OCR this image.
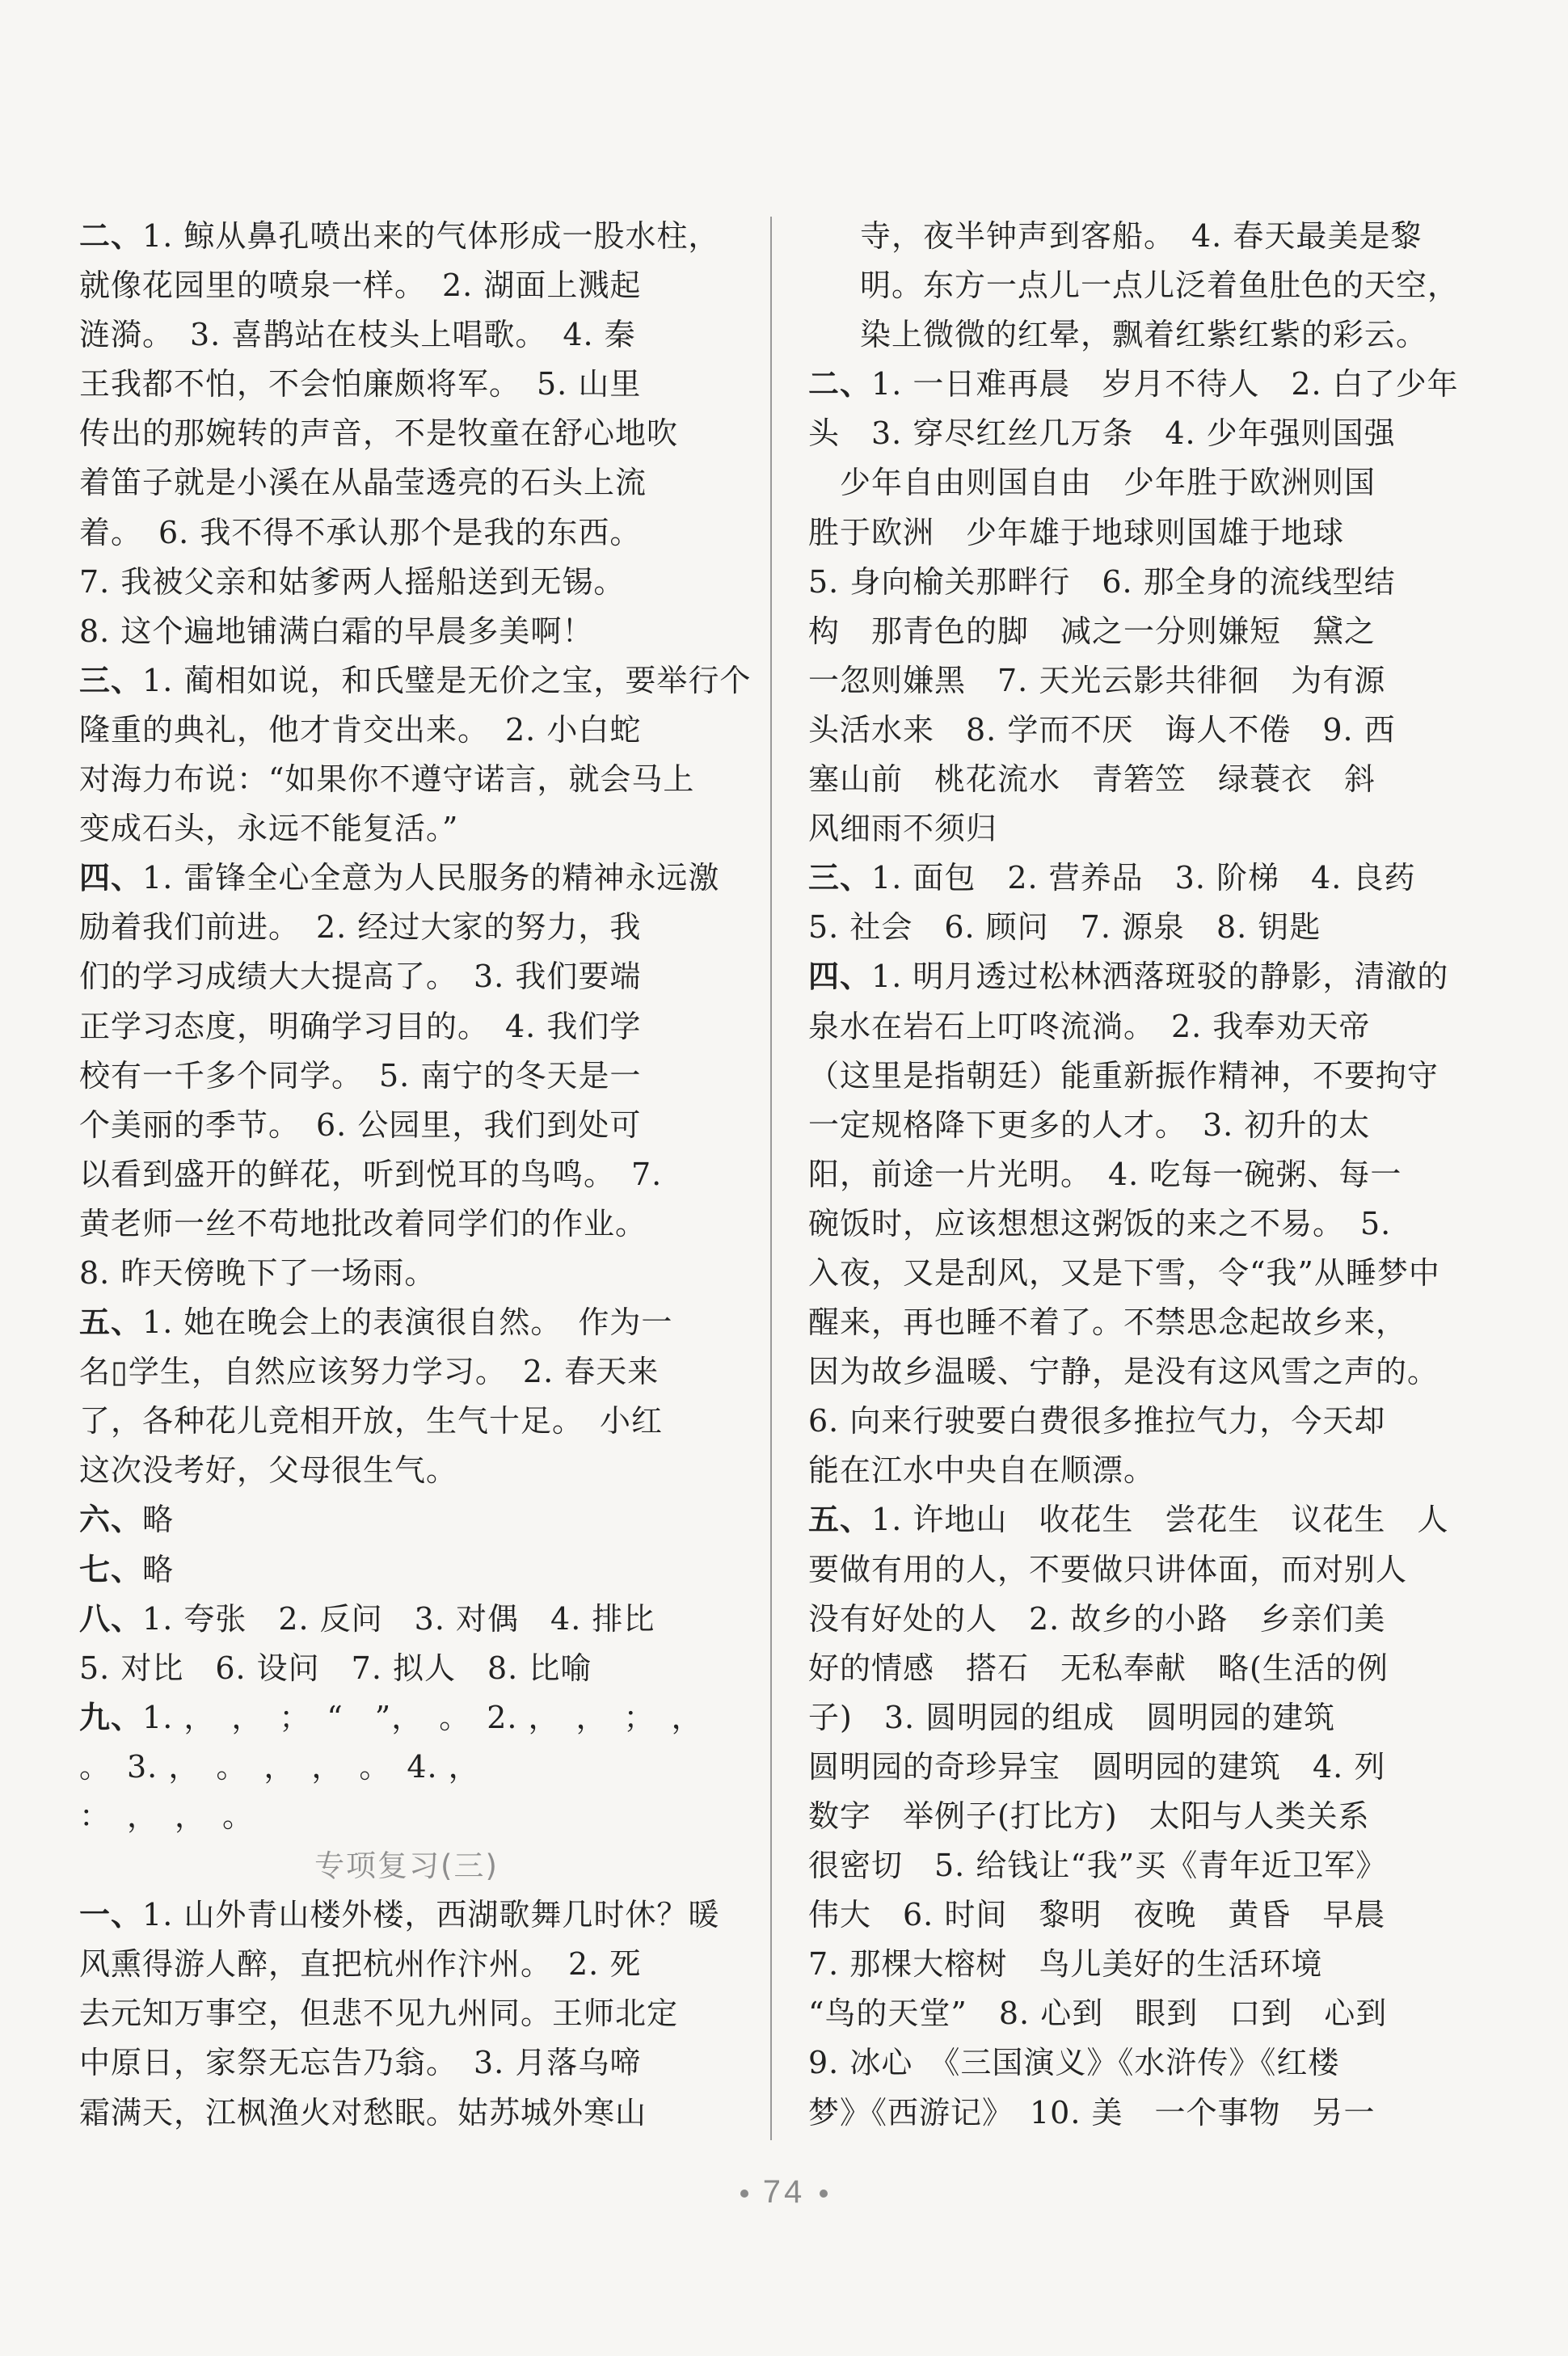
二、1. 鲸从鼻孔喷出来的气体形成一股水柱，
就像花园里的喷泉一样。　2. 湖面上溅起
涟漪。　3. 喜鹊站在枝头上唱歌。　4. 秦
王我都不怕，不会怕廉颇将军。　5. 山里
传出的那婉转的声音，不是牧童在舒心地吹
着笛子就是小溪在从晶莹透亮的石头上流
着。　6. 我不得不承认那个是我的东西。
7. 我被父亲和姑爹两人摇船送到无锡。
8. 这个遍地铺满白霜的早晨多美啊！
三、1. 蔺相如说，和氏璧是无价之宝，要举行个
隆重的典礼，他才肯交出来。　2. 小白蛇
对海力布说：“如果你不遵守诺言，就会马上
变成石头，永远不能复活。”
四、1. 雷锋全心全意为人民服务的精神永远激
励着我们前进。　2. 经过大家的努力，我
们的学习成绩大大提高了。　3. 我们要端
正学习态度，明确学习目的。　4. 我们学
校有一千多个同学。　5. 南宁的冬天是一
个美丽的季节。　6. 公园里，我们到处可
以看到盛开的鲜花，听到悦耳的鸟鸣。　7.
黄老师一丝不苟地批改着同学们的作业。
8. 昨天傍晚下了一场雨。
五、1. 她在晚会上的表演很自然。　作为一
名▯学生，自然应该努力学习。　2. 春天来
了，各种花儿竞相开放，生气十足。　小红
这次没考好，父母很生气。
六、略
七、略
八、1. 夸张　2. 反问　3. 对偶　4. 排比
5. 对比　6. 设问　7. 拟人　8. 比喻
九、1. ，　，　；　“　”，　。　2. ，　，　；　，
。　3. ，　。　，　，　。　4. ，
：　，　，　。
专项复习(三)
一、1. 山外青山楼外楼，西湖歌舞几时休？暖
风熏得游人醉，直把杭州作汴州。　2. 死
去元知万事空，但悲不见九州同。王师北定
中原日，家祭无忘告乃翁。　3. 月落乌啼
霜满天，江枫渔火对愁眠。姑苏城外寒山
寺，夜半钟声到客船。　4. 春天最美是黎
明。东方一点儿一点儿泛着鱼肚色的天空，
染上微微的红晕，飘着红紫红紫的彩云。
二、1. 一日难再晨　岁月不待人　2. 白了少年
头　3. 穿尽红丝几万条　4. 少年强则国强
　少年自由则国自由　少年胜于欧洲则国
胜于欧洲　少年雄于地球则国雄于地球
5. 身向榆关那畔行　6. 那全身的流线型结
构　那青色的脚　减之一分则嫌短　黛之
一忽则嫌黑　7. 天光云影共徘徊　为有源
头活水来　8. 学而不厌　诲人不倦　9. 西
塞山前　桃花流水　青箬笠　绿蓑衣　斜
风细雨不须归
三、1. 面包　2. 营养品　3. 阶梯　4. 良药
5. 社会　6. 顾问　7. 源泉　8. 钥匙
四、1. 明月透过松林洒落斑驳的静影，清澈的
泉水在岩石上叮咚流淌。　2. 我奉劝天帝
（这里是指朝廷）能重新振作精神，不要拘守
一定规格降下更多的人才。　3. 初升的太
阳，前途一片光明。　4. 吃每一碗粥、每一
碗饭时，应该想想这粥饭的来之不易。　5.
入夜，又是刮风，又是下雪，令“我”从睡梦中
醒来，再也睡不着了。不禁思念起故乡来，
因为故乡温暖、宁静，是没有这风雪之声的。
6. 向来行驶要白费很多推拉气力，今天却
能在江水中央自在顺漂。
五、1. 许地山　收花生　尝花生　议花生　人
要做有用的人，不要做只讲体面，而对别人
没有好处的人　2. 故乡的小路　乡亲们美
好的情感　搭石　无私奉献　略(生活的例
子)　3. 圆明园的组成　圆明园的建筑
圆明园的奇珍异宝　圆明园的建筑　4. 列
数字　举例子(打比方)　太阳与人类关系
很密切　5. 给钱让“我”买《青年近卫军》
伟大　6. 时间　黎明　夜晚　黄昏　早晨
7. 那棵大榕树　鸟儿美好的生活环境
“鸟的天堂”　8. 心到　眼到　口到　心到
9. 冰心　《三国演义》《水浒传》《红楼
梦》《西游记》　10. 美　一个事物　另一
74
